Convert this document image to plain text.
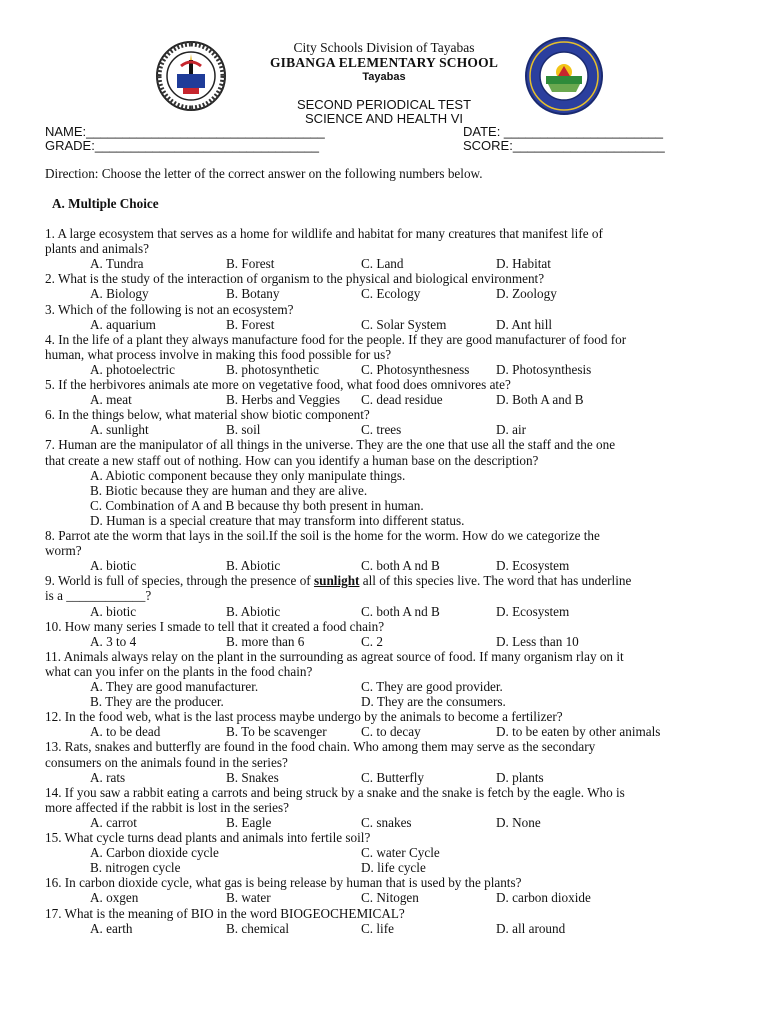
City Schools Division of Tayabas
GIBANGA ELEMENTARY SCHOOL
Tayabas
SECOND PERIODICAL TEST
SCIENCE AND HEALTH VI
NAME:_________________________________	DATE: ______________________
GRADE:_______________________________	SCORE:_____________________
Direction: Choose the letter of the correct answer on the following numbers below.
A. Multiple Choice
1. A large ecosystem that serves as a home for wildlife and habitat for many creatures that manifest life of
plants and animals?
A. Tundra	B. Forest	C. Land	D. Habitat
2. What is the study of the interaction of organism to the physical and biological environment?
A. Biology	B. Botany	C. Ecology	D. Zoology
3. Which of the following is not an ecosystem?
A. aquarium	B. Forest	C. Solar System	D. Ant hill
4. In the life of a plant they always manufacture food for the people. If they are good manufacturer of food for
human, what process involve in making this food possible for us?
A. photoelectric	B. photosynthetic	C. Photosynthesness D. Photosynthesis
5. If the herbivores animals ate more on vegetative food, what food does omnivores ate?
A. meat	B. Herbs and Veggies C. dead residue	D. Both A and B
6. In the things below, what material show biotic component?
A. sunlight	B. soil	C. trees	D. air
7. Human are the manipulator of all things in the universe. They are the one that use all the staff and the one
that create a new staff out of nothing. How can you identify a human base on the description?
A. Abiotic component because they only manipulate things.
B. Biotic because they are human and they are alive.
C. Combination of A and B because thy both present in human.
D. Human is a special creature that may transform into different status.
8. Parrot ate the worm that lays in the soil.If the soil is the home for the worm. How do we categorize the
worm?
A. biotic	B. Abiotic	C. both A nd B	D. Ecosystem
9. World is full of species, through the presence of sunlight all of this species live. The word that has underline
is a ____________?
A. biotic	B. Abiotic	C. both A nd B	D. Ecosystem
10. How many series I smade to tell that it created a food chain?
A. 3 to 4	B. more than 6	C. 2	D. Less than 10
11. Animals always relay on the plant in the surrounding as agreat source of food. If many organism rlay on it
what can you infer on the plants in the food chain?
A. They are good manufacturer.	C. They are good provider.
B. They are the producer.	D. They are the consumers.
12. In the food web, what is the last process maybe undergo by the animals to become a fertilizer?
A. to be dead	B. To be scavenger	C. to decay	D. to be eaten by other animals
13. Rats, snakes and butterfly are found in the food chain. Who among them may serve as the secondary
consumers on the animals found in the series?
A. rats	B. Snakes	C. Butterfly	D. plants
14. If you saw a rabbit eating a carrots and being struck by a snake and the snake is fetch by the eagle. Who is
more affected if the rabbit is lost in the series?
A. carrot	B. Eagle	C. snakes	D. None
15. What cycle turns dead plants and animals into fertile soil?
A. Carbon dioxide cycle	C. water Cycle
B. nitrogen cycle	D. life cycle
16. In carbon dioxide cycle, what gas is being release by human that is used by the plants?
A. oxgen	B. water	C. Nitogen	D. carbon dioxide
17. What is the meaning of BIO in the word BIOGEOCHEMICAL?
A. earth	B. chemical	C. life	D. all around
